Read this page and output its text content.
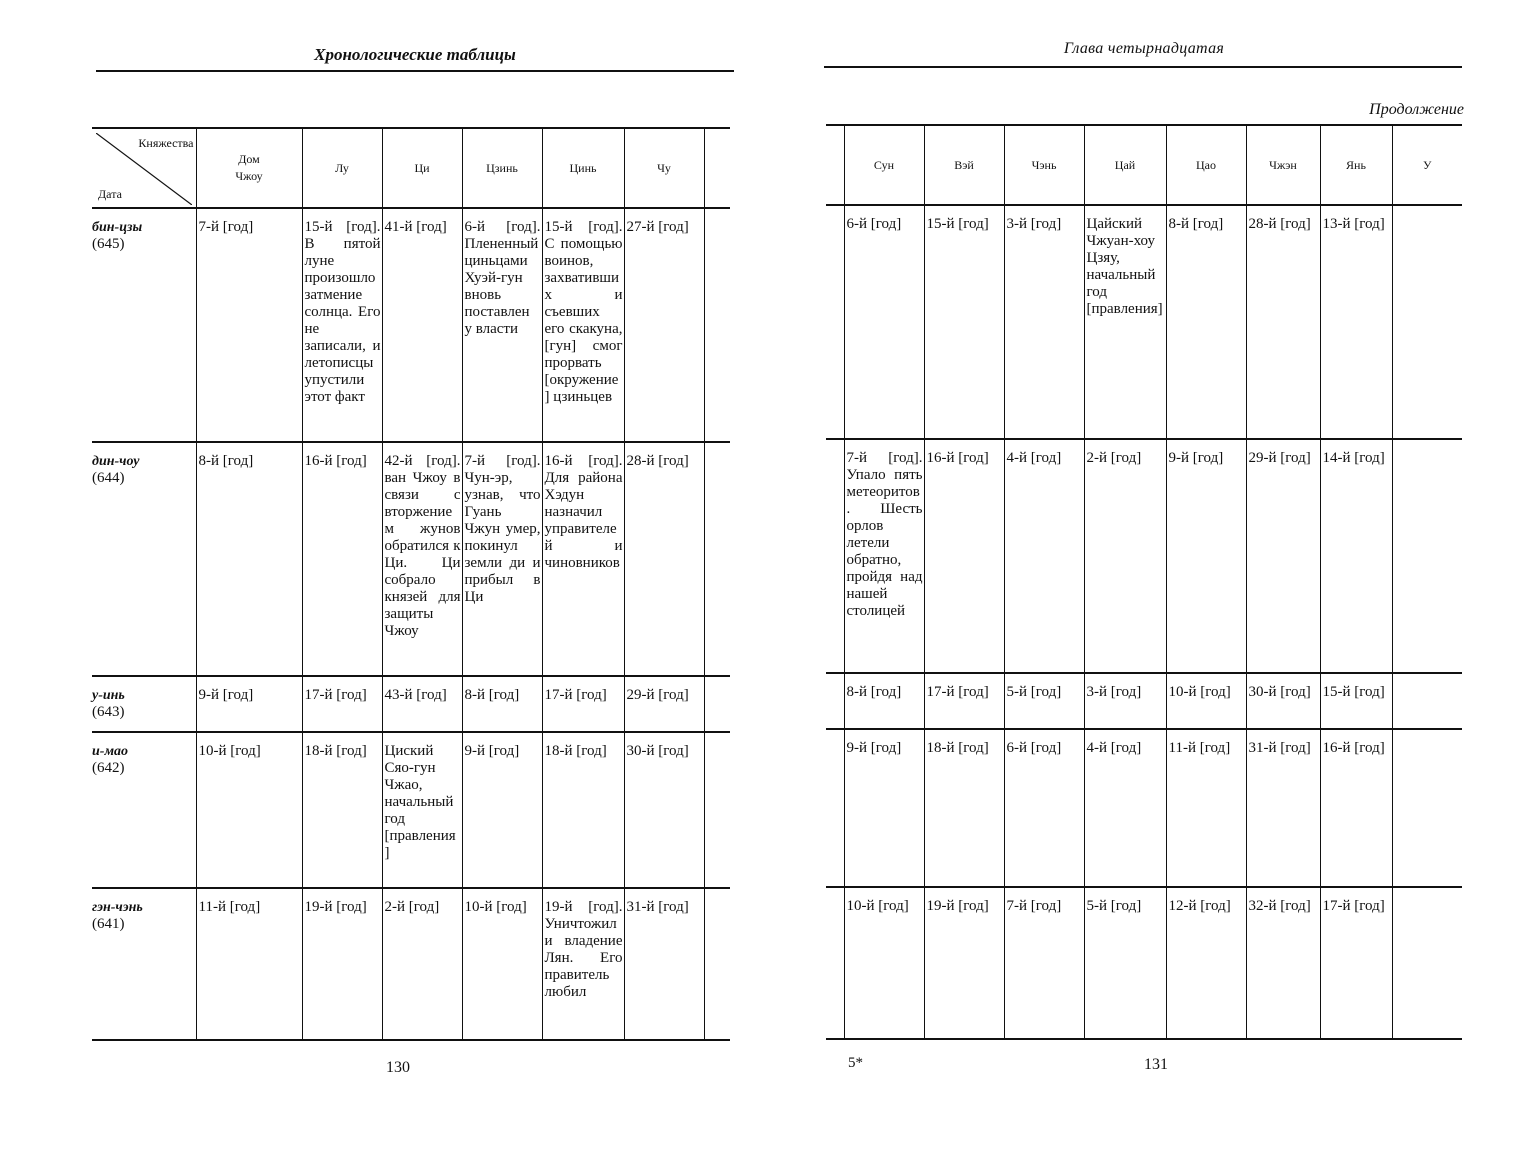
Хронологические таблицы
Княжества
Дата	Дом Чжоу	Лу	Ци	Цзинь	Цинь	Чу	

бин-цзы
(645)	7-й [год]	15-й [год]. В пятой луне произошло затмение солнца. Его не записали, и летописцы упустили этот факт	41-й [год]	6-й [год]. Плененный циньцами Хуэй-гун вновь поставлен у власти	15-й [год]. С помощью воинов, захвативших и съевших его скакуна, [гун] смог прорвать [окружение] цзиньцев	27-й [год]	

дин-чоу
(644)	8-й [год]	16-й [год]	42-й [год]. ван Чжоу в связи с вторжением жунов обратился к Ци. Ци собрало князей для защиты Чжоу	7-й [год]. Чун-эр, узнав, что Гуань Чжун умер, покинул земли ди и прибыл в Ци	16-й [год]. Для района Хэдун назначил управителей и чиновников	28-й [год]	

у-инь
(643)	9-й [год]	17-й [год]	43-й [год]	8-й [год]	17-й [год]	29-й [год]	

и-мао
(642)	10-й [год]	18-й [год]	Циский Сяо-гун Чжао, начальный год [правления]	9-й [год]	18-й [год]	30-й [год]	

гэн-чэнь
(641)	11-й [год]	19-й [год]	2-й [год]	10-й [год]	19-й [год]. Уничтожили владение Лян. Его правитель любил	31-й [год]	
130
Глава четырнадцатая
Продолжение
	Сун	Вэй	Чэнь	Цай	Цао	Чжэн	Янь	У
	6-й [год]	15-й [год]	3-й [год]	Цайский Чжуан-хоу Цзяу, начальный год [правления]	8-й [год]	28-й [год]	13-й [год]	
	7-й [год]. Упало пять метеоритов. Шесть орлов летели обратно, пройдя над нашей столицей	16-й [год]	4-й [год]	2-й [год]	9-й [год]	29-й [год]	14-й [год]	
	8-й [год]	17-й [год]	5-й [год]	3-й [год]	10-й [год]	30-й [год]	15-й [год]	
	9-й [год]	18-й [год]	6-й [год]	4-й [год]	11-й [год]	31-й [год]	16-й [год]	
	10-й [год]	19-й [год]	7-й [год]	5-й [год]	12-й [год]	32-й [год]	17-й [год]	
5*	131
